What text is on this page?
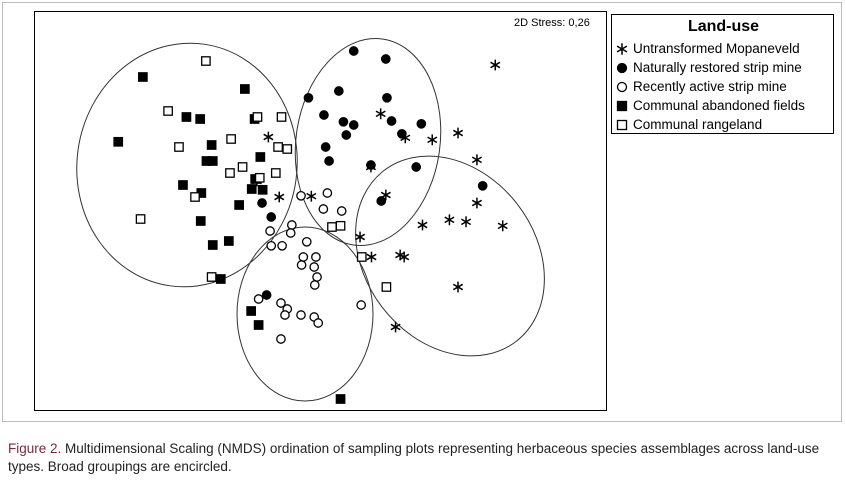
2D Stress: 0,26	Land-use
Untransformed Mopaneveld
Naturally restored strip mine
Recently active strip mine
Communal abandoned fields
Communal rangeland
Figure 2. Multidimensional Scaling (NMDS) ordination of sampling plots representing herbaceous species assemblages across land-use types. Broad groupings are encircled.
